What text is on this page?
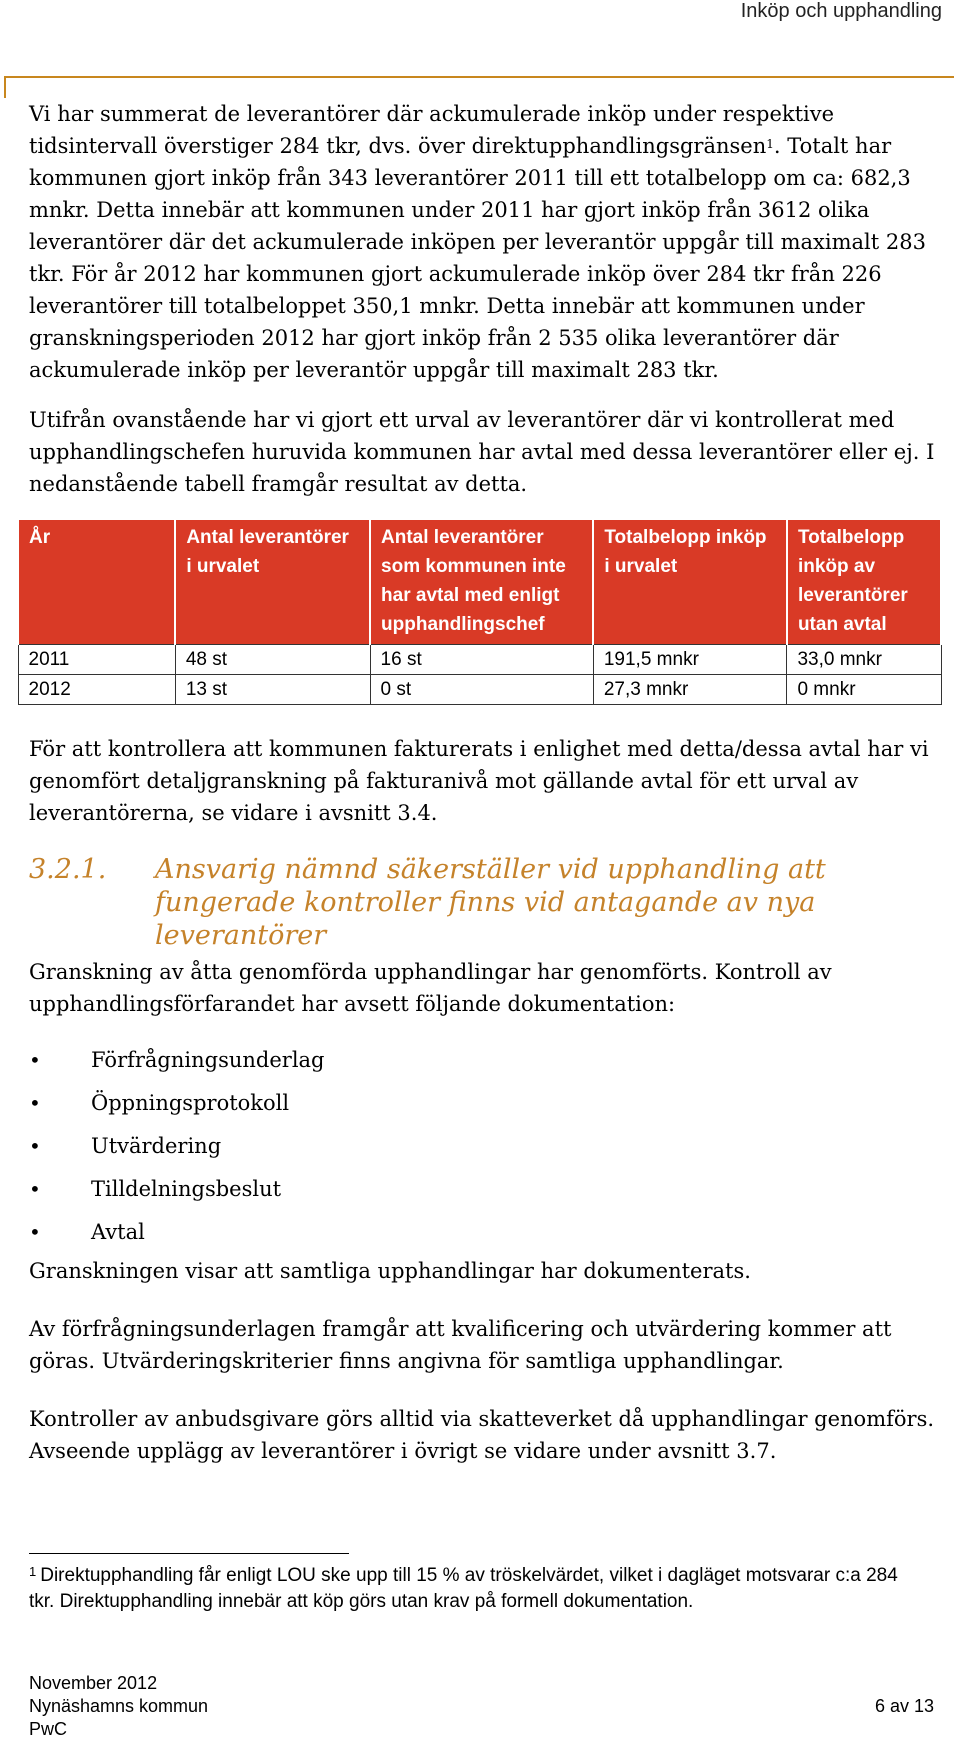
Inköp och upphandling

Vi har summerat de leverantörer där ackumulerade inköp under respektive tidsintervall överstiger 284 tkr, dvs. över direktupphandlingsgränsen$^1$. Totalt har kommunen gjort inköp från 343 leverantörer 2011 till ett totalbelopp om ca: 682,3 mnkr. Detta innebär att kommunen under 2011 har gjort inköp från 3612 olika leverantörer där det ackumulerade inköpen per leverantör uppgår till maximalt 283 tkr. För år 2012 har kommunen gjort ackumulerade inköp över 284 tkr från 226 leverantörer till totalbeloppet 350,1 mnkr. Detta innebär att kommunen under granskningsperioden 2012 har gjort inköp från 2 535 olika leverantörer där ackumulerade inköp per leverantör uppgår till maximalt 283 tkr.

Utifrån ovanstående har vi gjort ett urval av leverantörer där vi kontrollerat med upphandlingschefen huruvida kommunen har avtal med dessa leverantörer eller ej. I nedanstående tabell framgår resultat av detta.

År	Antal leverantörer i urvalet	Antal leverantörer som kommunen inte har avtal med enligt upphandlingschef	Totalbelopp inköp i urvalet	Totalbelopp inköp av leverantörer utan avtal
2011	48 st	16 st	191,5 mnkr	33,0 mnkr
2012	13 st	0 st	27,3 mnkr	0 mnkr

För att kontrollera att kommunen fakturerats i enlighet med detta/dessa avtal har vi genomfört detaljgranskning på fakturanivå mot gällande avtal för ett urval av leverantörerna, se vidare i avsnitt 3.4.

3.2.1.	Ansvarig nämnd säkerställer vid upphandling att fungerade kontroller finns vid antagande av nya leverantörer

Granskning av åtta genomförda upphandlingar har genomförts. Kontroll av upphandlingsförfarandet har avsett följande dokumentation:

•	Förfrågningsunderlag
•	Öppningsprotokoll
•	Utvärdering
•	Tilldelningsbeslut
•	Avtal

Granskningen visar att samtliga upphandlingar har dokumenterats.

Av förfrågningsunderlagen framgår att kvalificering och utvärdering kommer att göras. Utvärderingskriterier finns angivna för samtliga upphandlingar.

Kontroller av anbudsgivare görs alltid via skatteverket då upphandlingar genomförs. Avseende upplägg av leverantörer i övrigt se vidare under avsnitt 3.7.

$^1$ Direktupphandling får enligt LOU ske upp till 15 % av tröskelvärdet, vilket i dagläget motsvarar c:a 284 tkr. Direktupphandling innebär att köp görs utan krav på formell dokumentation.
November 2012
Nynäshamns kommun	6 av 13
PwC
